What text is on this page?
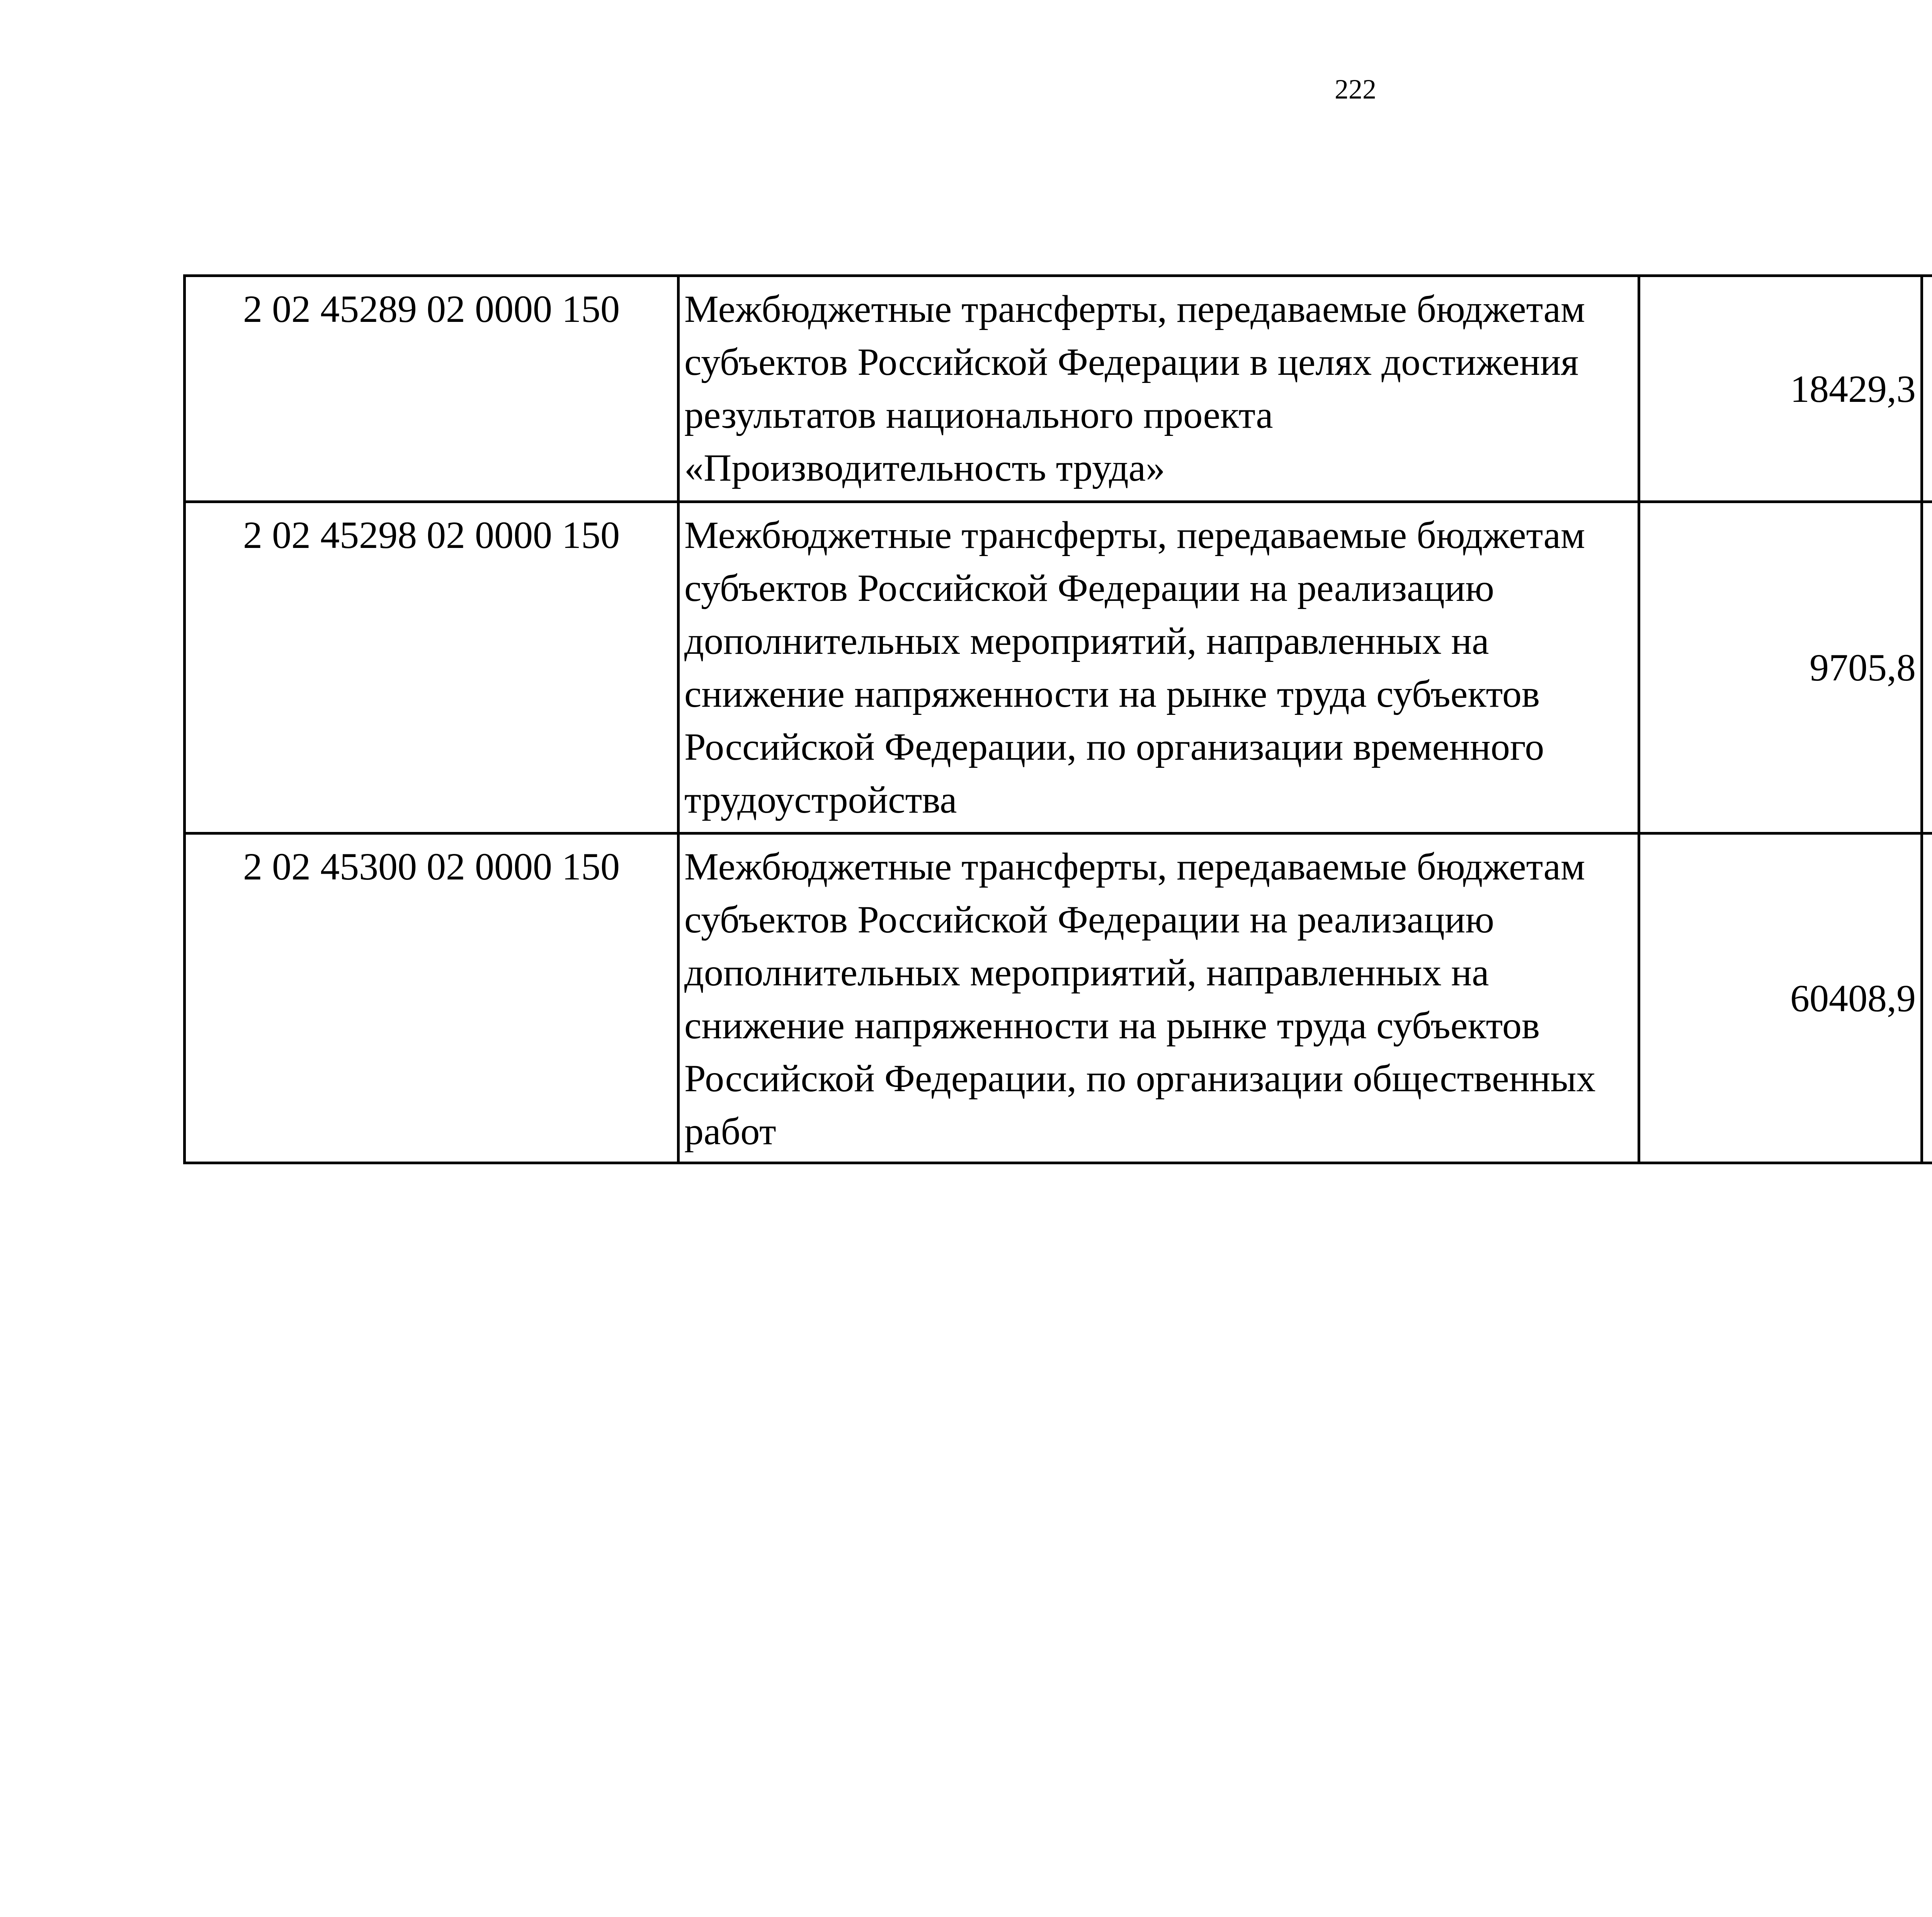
222
2 02 45289 02 0000 150	Межбюджетные трансферты, передаваемые бюджетам субъектов Российской Федерации в целях достижения результатов национального проекта «Производительность труда»	18429,3		
2 02 45298 02 0000 150	Межбюджетные трансферты, передаваемые бюджетам субъектов Российской Федерации на реализацию дополнительных мероприятий, направленных на снижение напряженности на рынке труда субъектов Российской Федерации, по организации временного трудоустройства	9705,8		
2 02 45300 02 0000 150	Межбюджетные трансферты, передаваемые бюджетам субъектов Российской Федерации на реализацию дополнительных мероприятий, направленных на снижение напряженности на рынке труда субъектов Российской Федерации, по организации общественных работ	60408,9		
